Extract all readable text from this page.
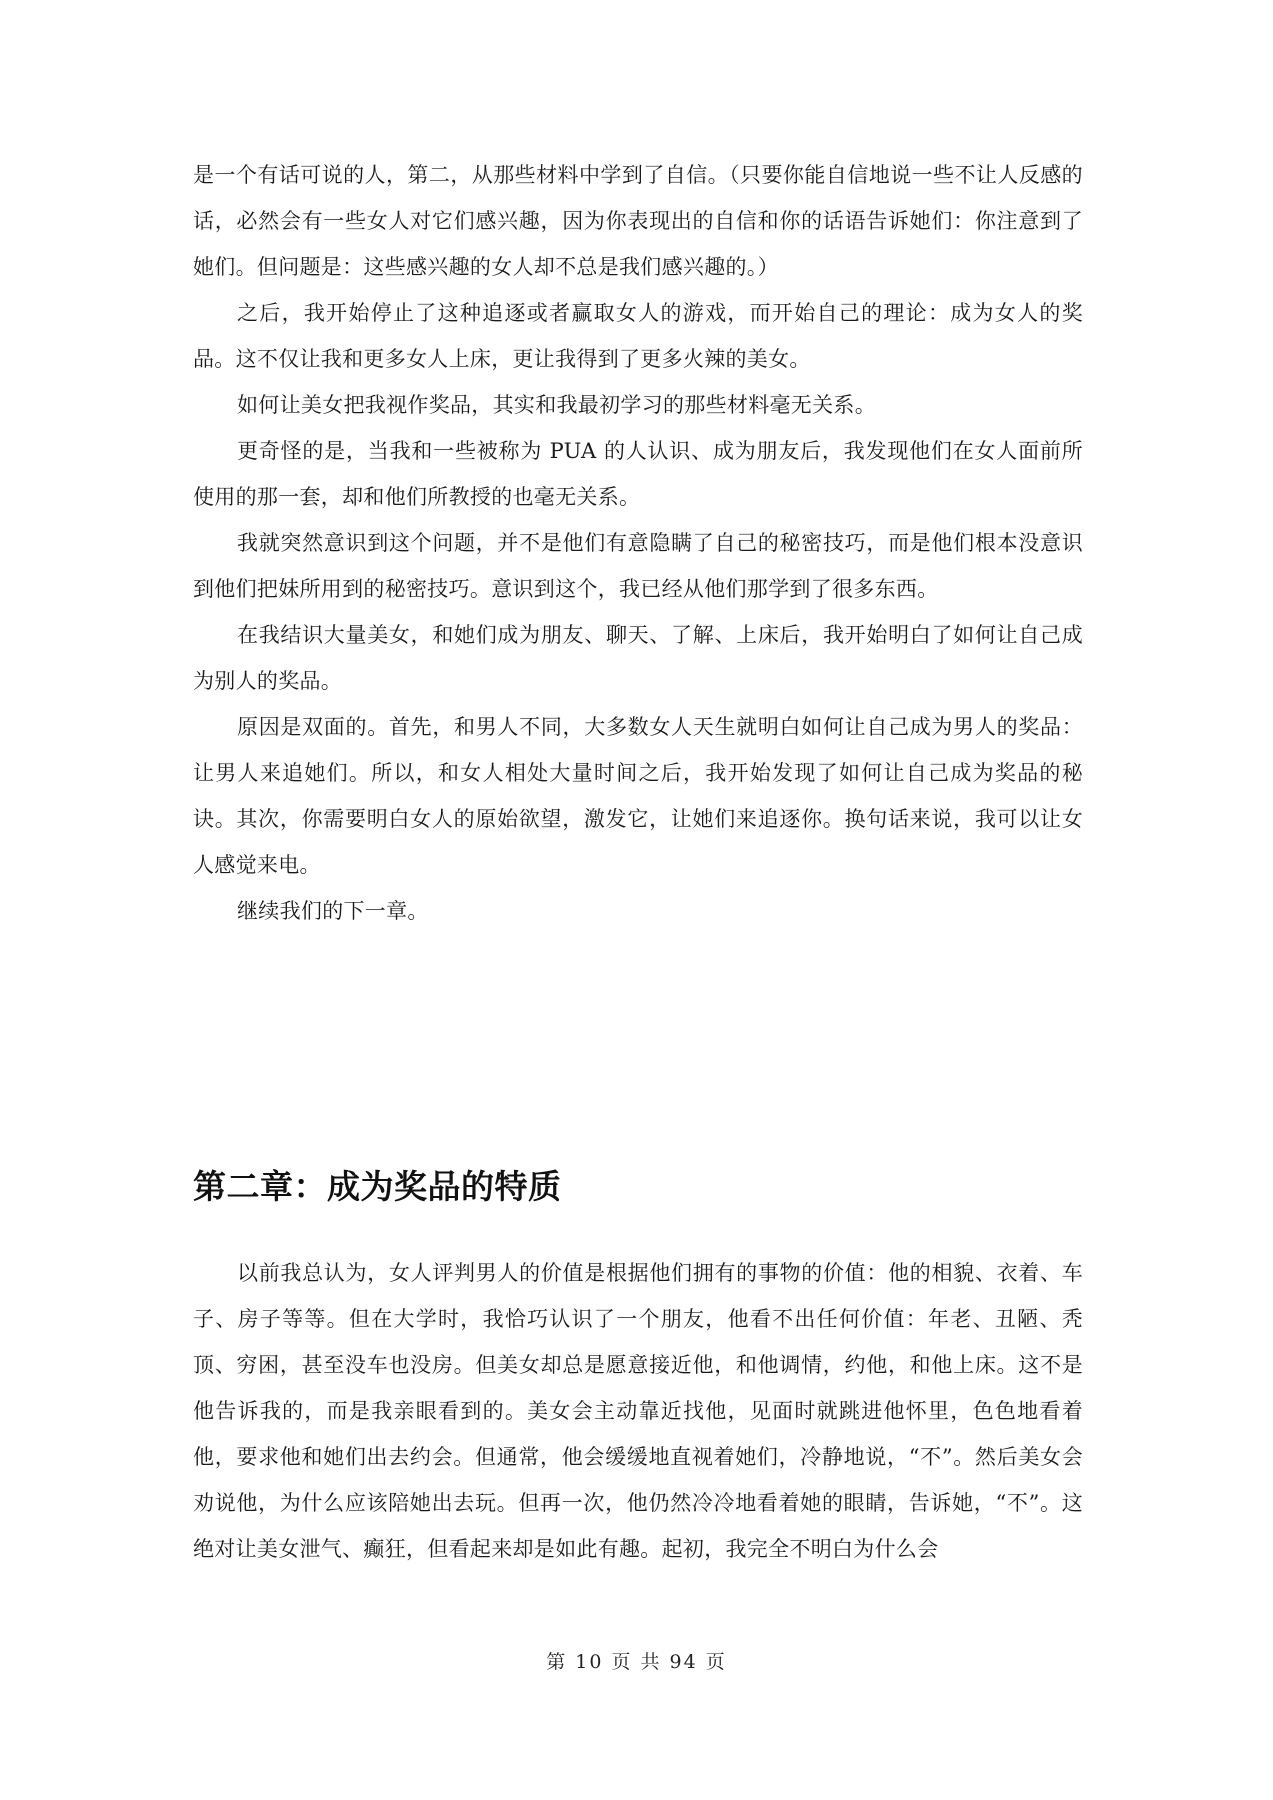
是一个有话可说的人，第二，从那些材料中学到了自信。（只要你能自信地说一些不让人反感的话，必然会有一些女人对它们感兴趣，因为你表现出的自信和你的话语告诉她们：你注意到了她们。但问题是：这些感兴趣的女人却不总是我们感兴趣的。）

之后，我开始停止了这种追逐或者赢取女人的游戏，而开始自己的理论：成为女人的奖品。这不仅让我和更多女人上床，更让我得到了更多火辣的美女。

如何让美女把我视作奖品，其实和我最初学习的那些材料毫无关系。

更奇怪的是，当我和一些被称为 PUA 的人认识、成为朋友后，我发现他们在女人面前所使用的那一套，却和他们所教授的也毫无关系。

我就突然意识到这个问题，并不是他们有意隐瞒了自己的秘密技巧，而是他们根本没意识到他们把妹所用到的秘密技巧。意识到这个，我已经从他们那学到了很多东西。

在我结识大量美女，和她们成为朋友、聊天、了解、上床后，我开始明白了如何让自己成为别人的奖品。

原因是双面的。首先，和男人不同，大多数女人天生就明白如何让自己成为男人的奖品：让男人来追她们。所以，和女人相处大量时间之后，我开始发现了如何让自己成为奖品的秘诀。其次，你需要明白女人的原始欲望，激发它，让她们来追逐你。换句话来说，我可以让女人感觉来电。

继续我们的下一章。

第二章：成为奖品的特质

以前我总认为，女人评判男人的价值是根据他们拥有的事物的价值：他的相貌、衣着、车子、房子等等。但在大学时，我恰巧认识了一个朋友，他看不出任何价值：年老、丑陋、秃顶、穷困，甚至没车也没房。但美女却总是愿意接近他，和他调情，约他，和他上床。这不是他告诉我的，而是我亲眼看到的。美女会主动靠近找他，见面时就跳进他怀里，色色地看着他，要求他和她们出去约会。但通常，他会缓缓地直视着她们，冷静地说，“不”。然后美女会劝说他，为什么应该陪她出去玩。但再一次，他仍然冷冷地看着她的眼睛，告诉她，“不”。这绝对让美女泄气、癫狂，但看起来却是如此有趣。起初，我完全不明白为什么会

第 10 页 共 94 页
